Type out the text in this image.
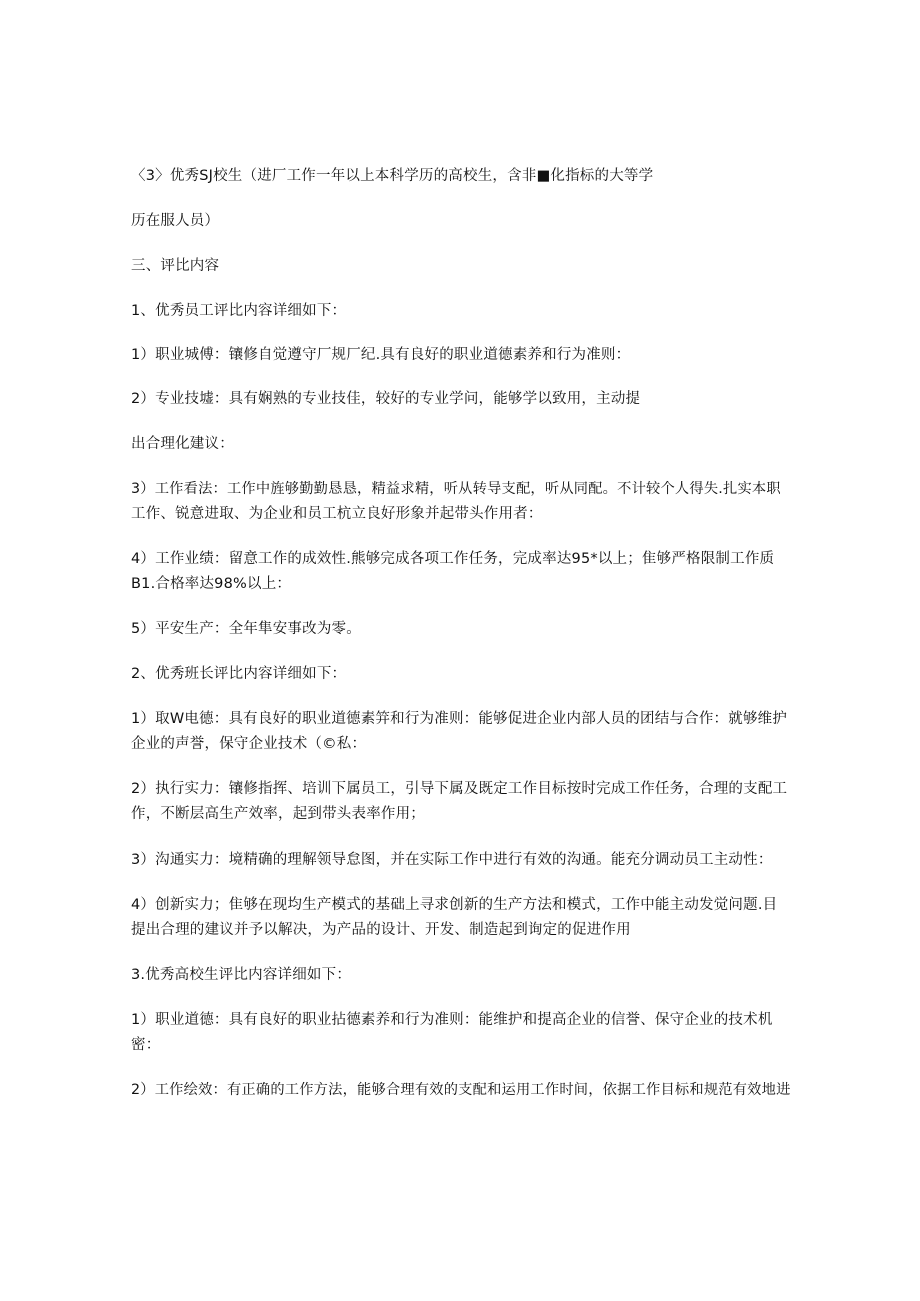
〈3〉优秀SJ校生（进厂工作一年以上本科学历的高校生，含非■化指标的大等学
历在服人员）
三、评比内容
1、优秀员工评比内容详细如下：
1）职业城傅：镶修自觉遵守厂规厂纪.具有良好的职业道德素养和行为准则：
2）专业技墟：具有娴熟的专业技佳，较好的专业学问，能够学以致用，主动提
出合理化建议：
3）工作看法：工作中旌够勤勤恳恳，精益求精，听从转导支配，听从同配。不计较个人得失.扎实本职
工作、锐意进取、为企业和员工杭立良好形象并起带头作用者：
4）工作业绩：留意工作的成效性.熊够完成各项工作任务，完成率达95*以上；隹够严格限制工作质
B1.合格率达98%以上：
5）平安生产：全年隼安事改为零。
2、优秀班长评比内容详细如下：
1）取W电德：具有良好的职业道德素笄和行为准则：能够促进企业内部人员的团结与合作：就够维护
企业的声誉，保守企业技术（©私：
2）执行实力：镶修指挥、培训下属员工，引导下属及既定工作目标按时完成工作任务，合理的支配工
作，不断层高生产效率，起到带头表率作用；
3）沟通实力：境精确的理解领导怠图，并在实际工作中进行有效的沟通。能充分调动员工主动性：
4）创新实力；隹够在现均生产模式的基础上寻求创新的生产方法和模式，工作中能主动发觉问题.目
提出合理的建议并予以解决，为产品的设计、开发、制造起到询定的促进作用
3.优秀高校生评比内容详细如下：
1）职业道德：具有良好的职业拈德素养和行为准则：能维护和提高企业的信誉、保守企业的技术机
密：
2）工作绘效：有正确的工作方法，能够合理有效的支配和运用工作时间，依据工作目标和规范有效地进
